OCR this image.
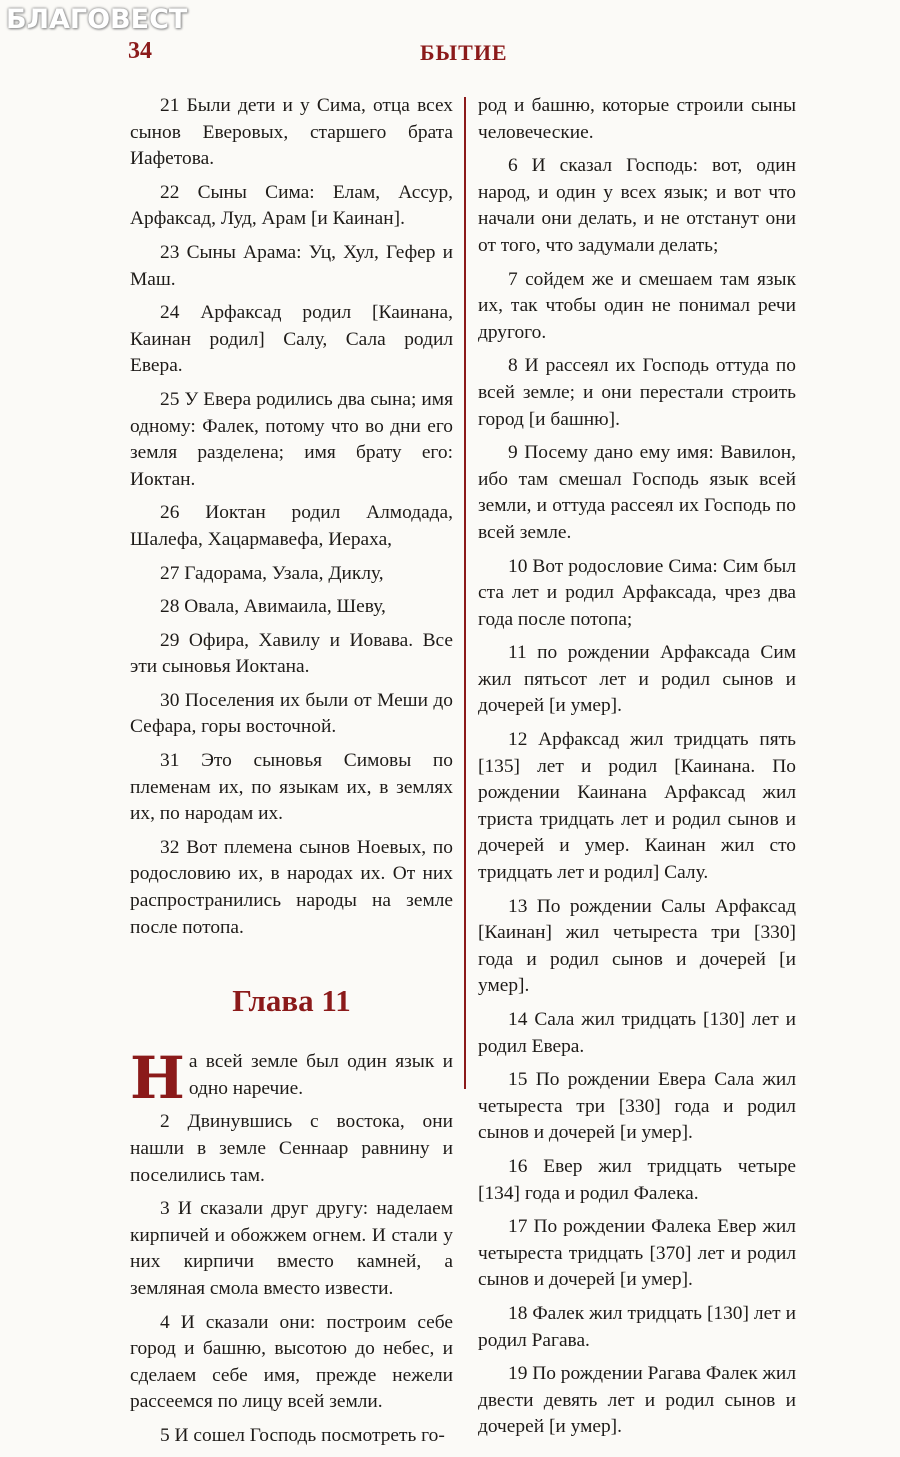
БЛАГОВЕСТ
34	БЫТИЕ

21 Были дети и у Сима, отца всех сынов Еверовых, старшего брата Иафетова.

22 Сыны Сима: Елам, Ассур, Арфаксад, Луд, Арам [и Каинан].

23 Сыны Арама: Уц, Хул, Гефер и Маш.

24 Арфаксад родил [Каинана, Каинан родил] Салу, Сала родил Евера.

25 У Евера родились два сына; имя одному: Фалек, потому что во дни его земля разделена; имя брату его: Иоктан.

26 Иоктан родил Алмодада, Шалефа, Хацармавефа, Иераха,

27 Гадорама, Узала, Диклу,

28 Овала, Авимаила, Шеву,

29 Офира, Хавилу и Иовава. Все эти сыновья Иоктана.

30 Поселения их были от Меши до Сефара, горы восточной.

31 Это сыновья Симовы по племенам их, по языкам их, в землях их, по народам их.

32 Вот племена сынов Ноевых, по родословию их, в народах их. От них распространились народы на земле после потопа.

Глава 11
Н а всей земле был один язык и одно наречие.

2 Двинувшись с востока, они нашли в земле Сеннаар равнину и поселились там.

3 И сказали друг другу: наделаем кирпичей и обожжем огнем. И стали у них кирпичи вместо камней, а земляная смола вместо извести.

4 И сказали они: построим себе город и башню, высотою до небес, и сделаем себе имя, прежде нежели рассеемся по лицу всей земли.

5 И сошел Господь посмотреть го-

род и башню, которые строили сыны человеческие.

6 И сказал Господь: вот, один народ, и один у всех язык; и вот что начали они делать, и не отстанут они от того, что задумали делать;

7 сойдем же и смешаем там язык их, так чтобы один не понимал речи другого.

8 И рассеял их Господь оттуда по всей земле; и они перестали строить город [и башню].

9 Посему дано ему имя: Вавилон, ибо там смешал Господь язык всей земли, и оттуда рассеял их Господь по всей земле.

10 Вот родословие Сима: Сим был ста лет и родил Арфаксада, чрез два года после потопа;

11 по рождении Арфаксада Сим жил пятьсот лет и родил сынов и дочерей [и умер].

12 Арфаксад жил тридцать пять [135] лет и родил [Каинана. По рождении Каинана Арфаксад жил триста тридцать лет и родил сынов и дочерей и умер. Каинан жил сто тридцать лет и родил] Салу.

13 По рождении Салы Арфаксад [Каинан] жил четыреста три [330] года и родил сынов и дочерей [и умер].

14 Сала жил тридцать [130] лет и родил Евера.

15 По рождении Евера Сала жил четыреста три [330] года и родил сынов и дочерей [и умер].

16 Евер жил тридцать четыре [134] года и родил Фалека.

17 По рождении Фалека Евер жил четыреста тридцать [370] лет и родил сынов и дочерей [и умер].

18 Фалек жил тридцать [130] лет и родил Рагава.

19 По рождении Рагава Фалек жил двести девять лет и родил сынов и дочерей [и умер].
